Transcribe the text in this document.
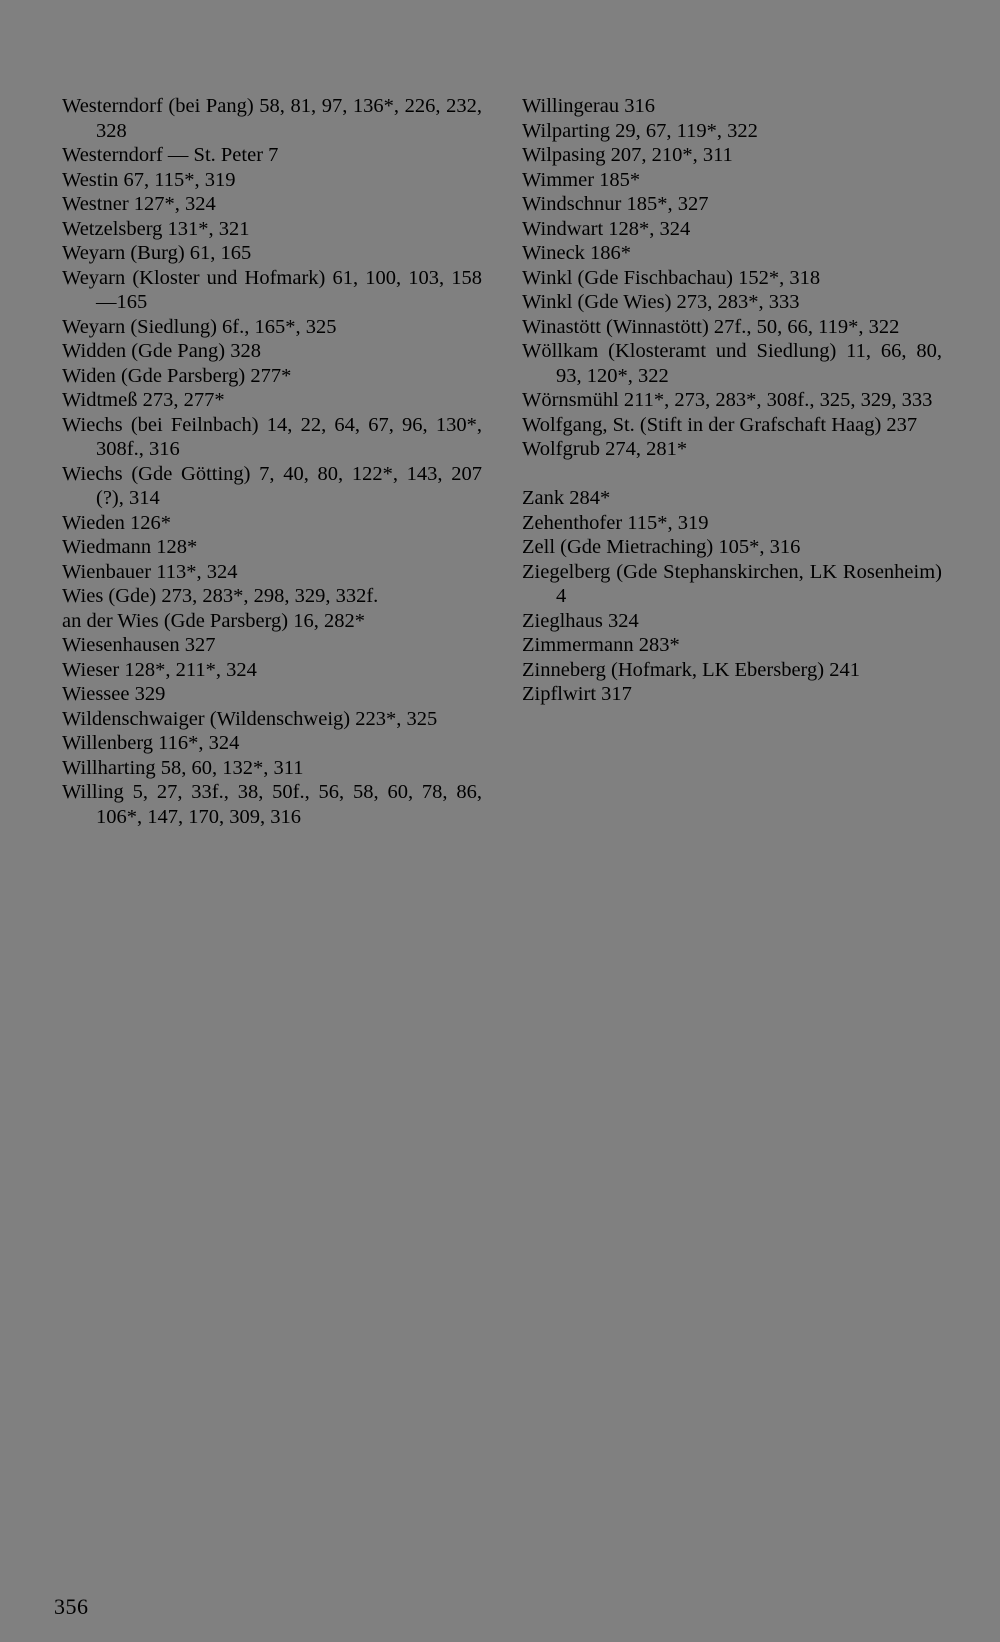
Westerndorf (bei Pang) 58, 81, 97, 136*, 226, 232, 328

Westerndorf — St. Peter 7

Westin 67, 115*, 319

Westner 127*, 324

Wetzelsberg 131*, 321

Weyarn (Burg) 61, 165

Weyarn (Kloster und Hofmark) 61, 100, 103, 158—165

Weyarn (Siedlung) 6f., 165*, 325

Widden (Gde Pang) 328

Widen (Gde Parsberg) 277*

Widtmeß 273, 277*

Wiechs (bei Feilnbach) 14, 22, 64, 67, 96, 130*, 308f., 316

Wiechs (Gde Götting) 7, 40, 80, 122*, 143, 207 (?), 314

Wieden 126*

Wiedmann 128*

Wienbauer 113*, 324

Wies (Gde) 273, 283*, 298, 329, 332f.

an der Wies (Gde Parsberg) 16, 282*

Wiesenhausen 327

Wieser 128*, 211*, 324

Wiessee 329

Wildenschwaiger (Wildenschweig) 223*, 325

Willenberg 116*, 324

Willharting 58, 60, 132*, 311

Willing 5, 27, 33f., 38, 50f., 56, 58, 60, 78, 86, 106*, 147, 170, 309, 316

Willingerau 316

Wilparting 29, 67, 119*, 322

Wilpasing 207, 210*, 311

Wimmer 185*

Windschnur 185*, 327

Windwart 128*, 324

Wineck 186*

Winkl (Gde Fischbachau) 152*, 318

Winkl (Gde Wies) 273, 283*, 333

Winastött (Winnastött) 27f., 50, 66, 119*, 322

Wöllkam (Klosteramt und Siedlung) 11, 66, 80, 93, 120*, 322

Wörnsmühl 211*, 273, 283*, 308f., 325, 329, 333

Wolfgang, St. (Stift in der Grafschaft Haag) 237

Wolfgrub 274, 281*

Zank 284*

Zehenthofer 115*, 319

Zell (Gde Mietraching) 105*, 316

Ziegelberg (Gde Stephanskirchen, LK Rosenheim) 4

Zieglhaus 324

Zimmermann 283*

Zinneberg (Hofmark, LK Ebersberg) 241

Zipflwirt 317

356
